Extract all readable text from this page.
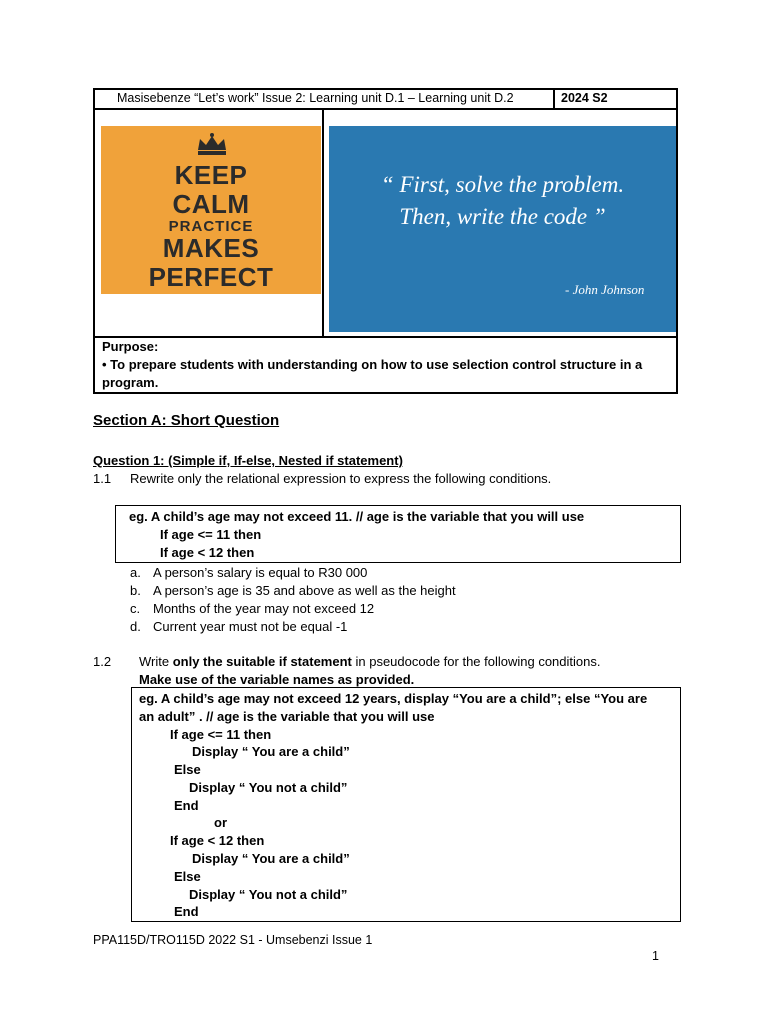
Masisebenze “Let’s work” Issue 2: Learning unit D.1 – Learning unit D.2	2024 S2
KEEP
CALM
PRACTICE
MAKES
PERFECT
“ First, solve the problem.
Then, write the code ”
- John Johnson
Purpose:
• To prepare students with understanding on how to use selection control structure in a program.
Section A: Short Question
Question 1: (Simple if, If-else, Nested if statement)
1.1 Rewrite only the relational expression to express the following conditions.
eg. A child’s age may not exceed 11. // age is the variable that you will use
If age <= 11 then
If age < 12 then
a. A person’s salary is equal to R30 000
b. A person’s age is 35 and above as well as the height
c. Months of the year may not exceed 12
d. Current year must not be equal -1
1.2 Write only the suitable if statement in pseudocode for the following conditions.
Make use of the variable names as provided.
eg. A child’s age may not exceed 12 years, display “You are a child”; else “You are
an adult” . // age is the variable that you will use
If age <= 11 then
Display “ You are a child”
Else
Display “ You not a child”
End
or
If age < 12 then
Display “ You are a child”
Else
Display “ You not a child”
End
PPA115D/TRO115D 2022 S1 - Umsebenzi Issue 1
1
